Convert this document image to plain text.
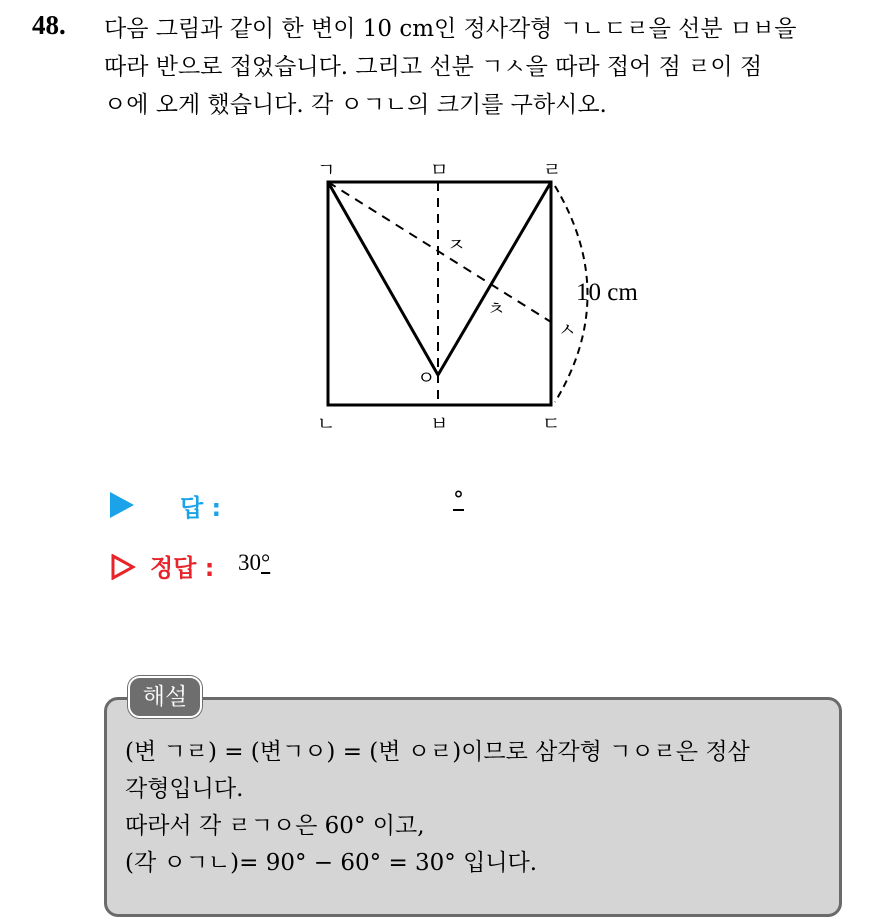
48. 다음 그림과 같이 한 변이 10 cm인 정사각형 ㄱㄴㄷㄹ을 선분 ㅁㅂ을
따라 반으로 접었습니다. 그리고 선분 ㄱㅅ을 따라 접어 점 ㄹ이 점
ㅇ에 오게 했습니다. 각 ㅇㄱㄴ의 크기를 구하시오.
ㄱ	ㅁ	ㄹ
ㄴ	ㅂ	ㄷ
ㅇ
ㅈ
ㅊ
ㅅ
10 cm
답 :	°
정답 : 30°
해설
(변 ㄱㄹ) = (변ㄱㅇ) = (변 ㅇㄹ)이므로 삼각형 ㄱㅇㄹ은 정삼
각형입니다.
따라서 각 ㄹㄱㅇ은 60° 이고,
(각 ㅇㄱㄴ)= 90° − 60° = 30° 입니다.
